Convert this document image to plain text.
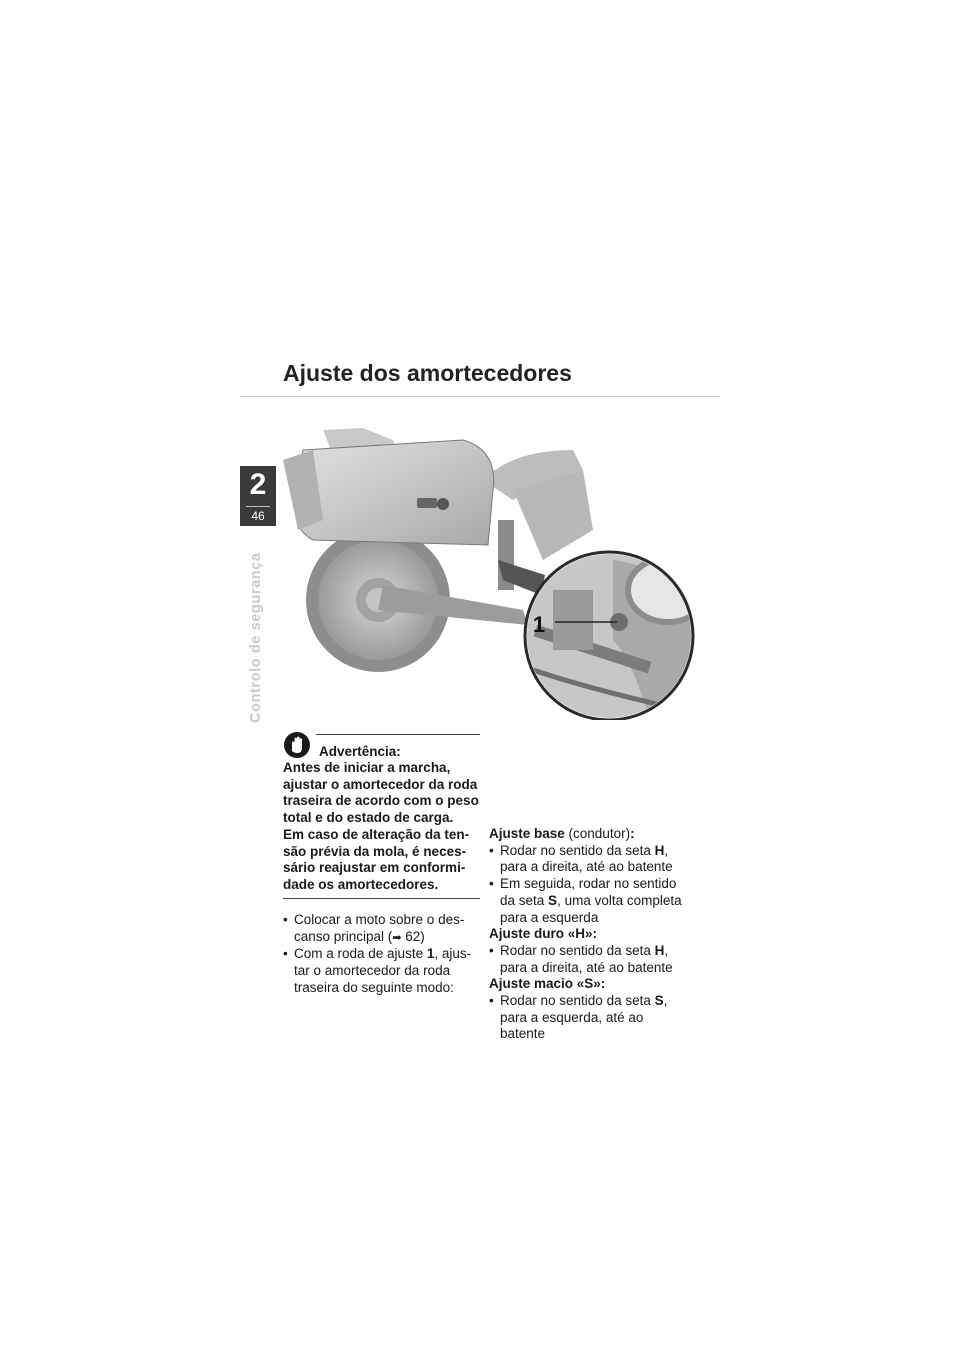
2
46
Controlo de segurança
Ajuste dos amortecedores
1
Advertência:
Antes de iniciar a marcha,
ajustar o amortecedor da roda
traseira de acordo com o peso
total e do estado de carga.
Em caso de alteração da ten-
são prévia da mola, é neces-
sário reajustar em conformi-
dade os amortecedores.
• Colocar a moto sobre o des-
canso principal (➡ 62)
• Com a roda de ajuste 1, ajus-
tar o amortecedor da roda
traseira do seguinte modo:
Ajuste base (condutor):
• Rodar no sentido da seta H,
para a direita, até ao batente
• Em seguida, rodar no sentido
da seta S, uma volta completa
para a esquerda
Ajuste duro «H»:
• Rodar no sentido da seta H,
para a direita, até ao batente
Ajuste macio «S»:
• Rodar no sentido da seta S,
para a esquerda, até ao
batente
